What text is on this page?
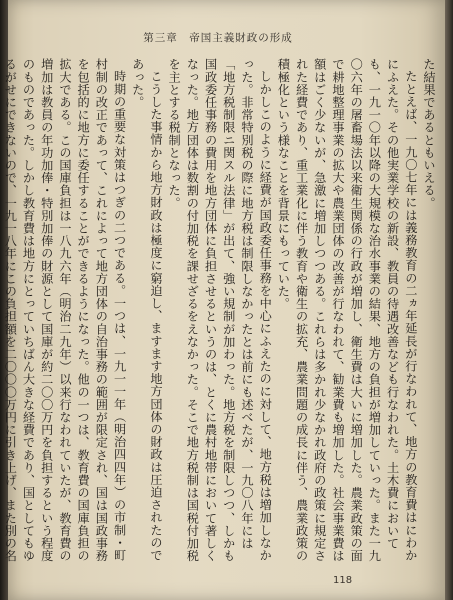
第三章　帝国主義財政の形成

た結果であるともいえる。

たとえば、一九〇七年には義務教育の二ヵ年延長が行なわれて、地方の教育費はにわかにふえた。その他実業学校の新設、教員の待遇改善なども行なわれた。土木費においても、一九一〇年以降の大規模な治水事業の結果、地方の負担が増加していった。また一九〇六年の屠畜場法以来衛生関係の行政が増加し、衛生費は大いに増加した。農業政策の面で耕地整理事業の拡大や農業団体の改善が行なわれて、勧業費も増加した。社会事業費は額はごく少ないが、急激に増加しつつある。これらは多かれ少なかれ政府の政策に規定された経費であり、重工業化に伴う教育や衛生の拡充、農業問題の成長に伴う、農業政策の積極化という様なことを背景にもっていた。

しかしこのように経費が国政委任事務を中心にふえたのに対して、地方税は増加しなかった。非常特別税の際に地方税は制限しなかったとは前にも述べたが、一九〇八年には「地方税制限ニ関スル法律」が出て、強い規制が加わった。地方税を制限しつつ、しかも国政委任事務の費用を地方団体に負担させるというのは、とくに農村地帯において著しくなった。地方団体は数割の付加税を課せざるをえなかった。そこで地方税制は国税付加税を主とする税制となった。

こうした事情から地方財政は極度に窮迫し、ますます地方団体の財政は圧迫されたのであった。

時期の重要な対策はつぎの二つである。一つは、一九一一年（明治四四年）の市制・町村制の改正であって、これによって地方団体の自治事務の範囲が限定され、国は国政事務を包括的に地方に委任することができるようになった。他の一つは、教育費の国庫負担の拡大である。この国庫負担は一八九六年（明治二九年）以来行なわれていたが、教育費の増加は教員の年功加俸・特別加俸の財源として国庫が約二〇〇万円を負担するという程度のものであった。しかし教育費は地方にとっていちばん大きな経費であり、国としてもゆるがせにできないので、一九一八年にこの負担額を二〇〇〇万円に引き上げ、また別の名

118
